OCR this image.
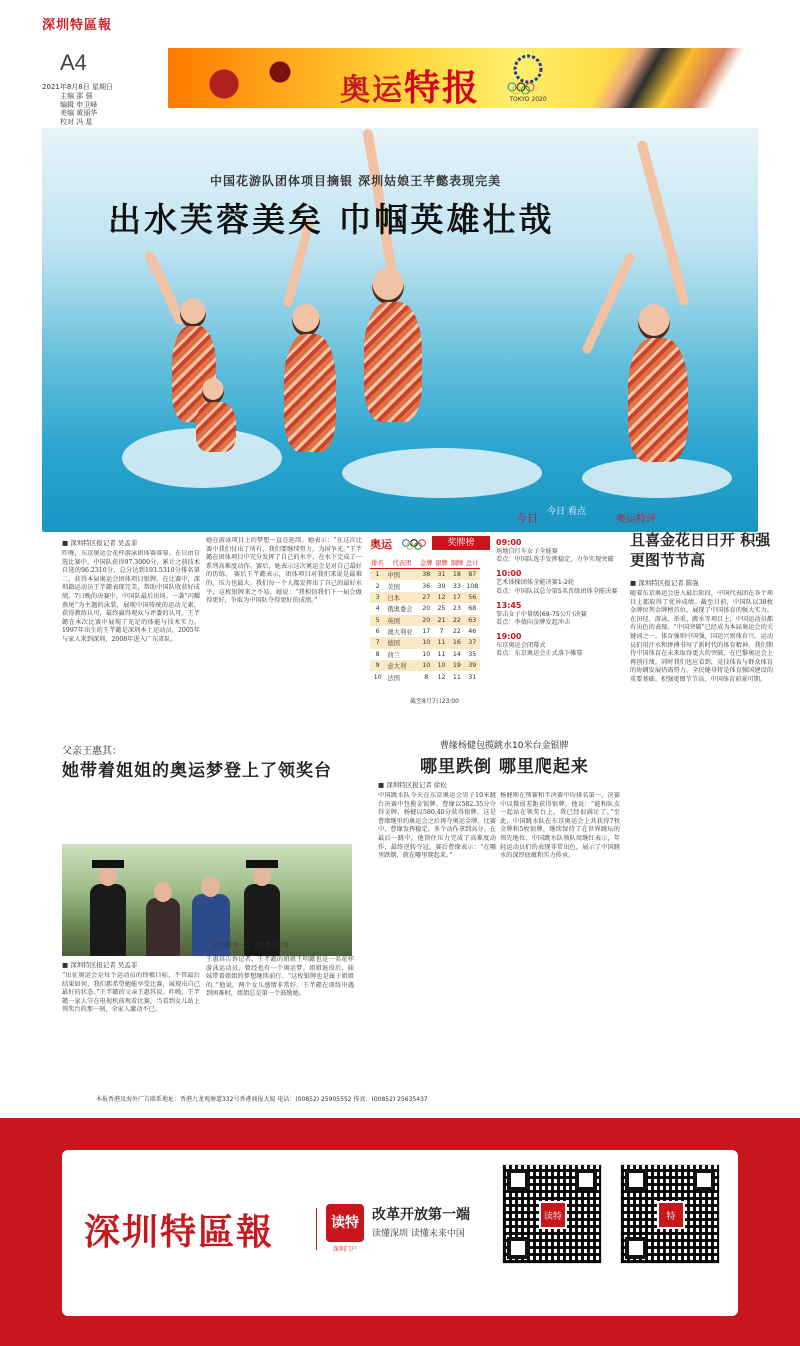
深圳特區報
A4
2021年8月8日 星期日
主编 邵 强
编辑 申卫峰
美编 黄丽华
校对 冯 星
奥运特报	TOKYO 2020
中国花游队团体项目摘银 深圳姑娘王芊懿表现完美
出水芙蓉美矣 巾帼英雄壮哉
今日 看点
■ 深圳特区报记者 吴孟菲
昨晚，东京奥运会花样游泳团体赛落幕。在自由自选比赛中，中国队获得97.3000分，累计之前技术自选的96.2310分，总分达到193.5310分排名第二，获得本届奥运会团体项目银牌。在比赛中，深圳籍运动员王芊懿表现完美，帮助中国队收获好成绩。7日晚的决赛中，中国队最后出场。一袭“闪耀燕尾”为主题的泳装，展现中国传统的运动元素，获得教练认可，最终赢得观众与评委的认可。王芊懿在本次比赛中展现了充足的体能与技术实力。1997年出生的王芊懿是深圳本土运动员，2005年与家人来到深圳，2008年进入广东省队。
她在游泳项目上的梦想一直在延续。她表示：“在这次比赛中我们付出了所有，我们要继续努力，为国争光。”王芊懿在团体项目中充分发挥了自己的水平，在水下完成了一系列高难度动作。赛后，她表示这次奥运会是对自己最好的历练。 赛后王芊懿表示，团体项目对我们来说是最难的，压力也最大。我们每一个人都发挥出了自己的最好水平，这枚银牌来之不易。她说：“我相信我们下一届会做得更好，争取为中国队夺得更好的成绩。”
奥运	奖牌榜
排名	代表团	金牌	银牌	铜牌	总计
1	中国	38	31	18	87
2	美国	36	39	33	108
3	日本	27	12	17	56
4	俄奥委会	20	25	23	68
5	英国	20	21	22	63
6	澳大利亚	17	7	22	46
7	德国	10	11	16	37
8	荷兰	10	11	14	35
9	意大利	10	10	19	39
10	法国	8	12	11	31
截至8月7日23:00
09:00
场地自行车女子全能赛
看点：中国队选手发挥稳定，力争实现突破
10:00
艺术体操团体全能决赛1-2轮
看点：中国队以总分第5名晋级团体全能决赛
13:45
拳击女子中量级(69-75公斤)决赛
看点：李倩向金牌发起冲击
19:00
东京奥运会闭幕式
看点：东京奥运会正式落下帷幕
今日	奥运特评
且喜金花日日开 积强更图节节高
■ 深圳特区报记者 陈强
随着东京奥运会进入最后阶段，中国代表团在各个项目上都取得了优异成绩。截至目前，中国队以38枚金牌位列金牌榜首位，展现了中国体育的强大实力。在田径、游泳、举重、跳水等项目上，中国运动员都有出色的表现。“中国突破”已经成为本届奥运会的关键词之一。体育强则中国强，国运兴则体育兴。运动员们用汗水和拼搏书写了新时代的体育精神。我们期待中国体育在未来取得更大的突破，在巴黎奥运会上再创佳绩。同时我们也应看到，竞技体育与群众体育的协调发展仍需努力，全民健身将是体育强国建设的重要基础。积强更图节节高，中国体育前景可期。
父亲王惠其：
她带着姐姐的奥运梦登上了领奖台
王芊懿(右一)、王明懿与父母
■ 深圳特区报记者 吴孟菲
“出征奥运会是每个运动员的终极目标，不管最后结果如何，我们都希望她能享受比赛，展现出自己最好的状态。”王芊懿的父亲王惠其说。昨晚，王芊懿一家人守在电视机前观看比赛，当看到女儿站上领奖台的那一刻，全家人激动不已。
王惠其告诉记者，王芊懿的姐姐王明懿也是一名花样游泳运动员，曾经也有一个奥运梦。姐姐退役后，妹妹带着姐姐的梦想继续前行。“这枚银牌也是属于姐姐的。”他说，两个女儿感情非常好，王芊懿在训练中遇到困难时，姐姐总是第一个鼓励她。
曹缘杨健包揽跳水10米台金银牌
哪里跌倒 哪里爬起来
■ 深圳特区报记者 徐松
中国跳水队今天在东京奥运会男子10米跳台决赛中包揽金银牌，曹缘以582.35分夺得金牌，杨健以580.40分获得银牌。这是曹缘继里约奥运会之后再夺奥运金牌。比赛中，曹缘发挥稳定，多个动作拿到高分。在最后一跳中，他顶住压力完成了高难度动作，最终逆转夺冠。赛后曹缘表示：“在哪里跌倒，就在哪里爬起来。”
杨健则在预赛和半决赛中均排名第一，决赛中以微弱差距获得银牌。他说：“能和队友一起站在领奖台上，我已经很满足了。”至此，中国跳水队在东京奥运会上共获得7枚金牌和5枚银牌，继续保持了在世界跳坛的领先地位。中国跳水队领队周继红表示，年轻运动员们的表现非常出色，展示了中国跳水的深厚底蕴和实力传承。
本报香港及海外广告联系地址：香港九龙观塘道332号香港商报大厦 电话：(00852) 25905552 传真：(00852) 25635437
深圳特區報	读特
深圳门户
改革开放第一端
读懂深圳 读懂未来中国
读特	特
